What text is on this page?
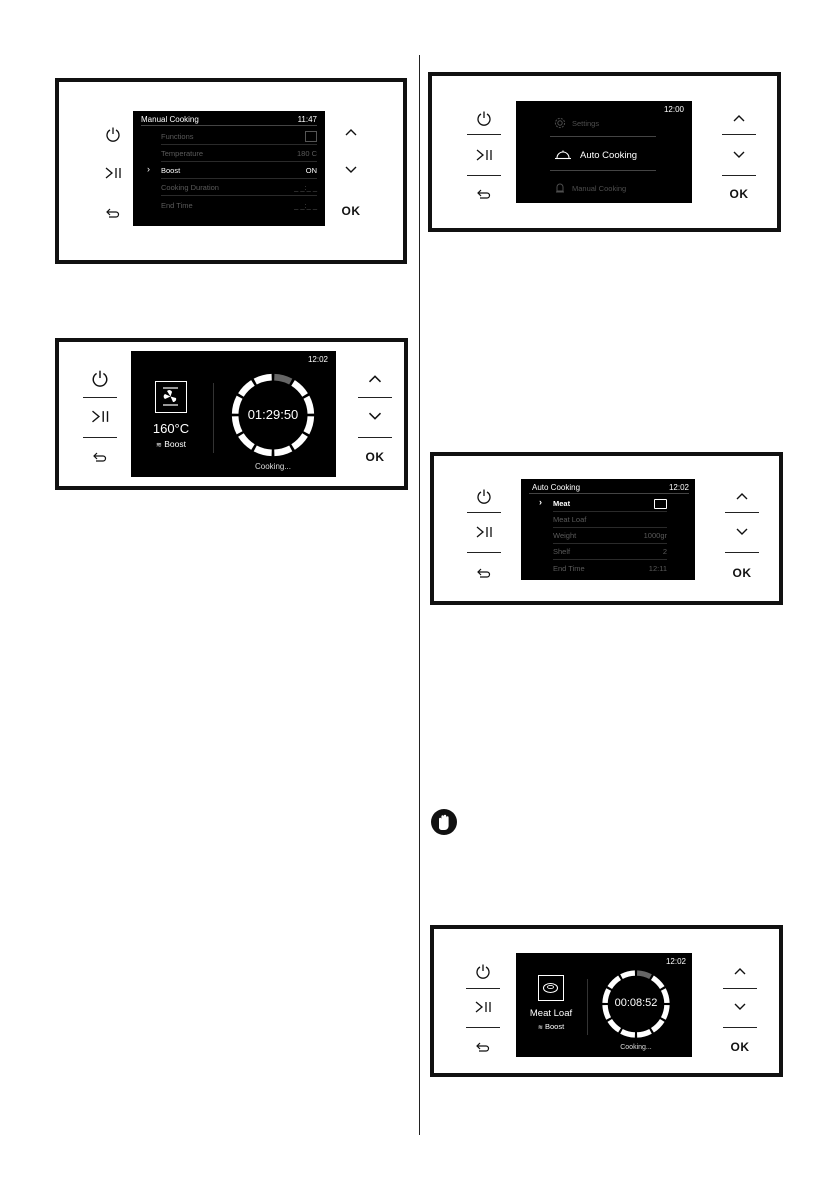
Manual Cooking	11:47
Functions
Temperature	180 C
› Boost	ON
Cooking Duration	_ _:_ _
End Time	_ _:_ _	OK
12:00
Settings
Auto Cooking
Manual Cooking	OK
12:02
160°C
≋ Boost
01:29:50
Cooking...
OK
Auto Cooking	12:02
› Meat
Meat Loaf
Weight	1000gr
Shelf	2
End Time	12:11	OK
12:02
Meat Loaf
≋ Boost
00:08:52
Cooking...	OK
